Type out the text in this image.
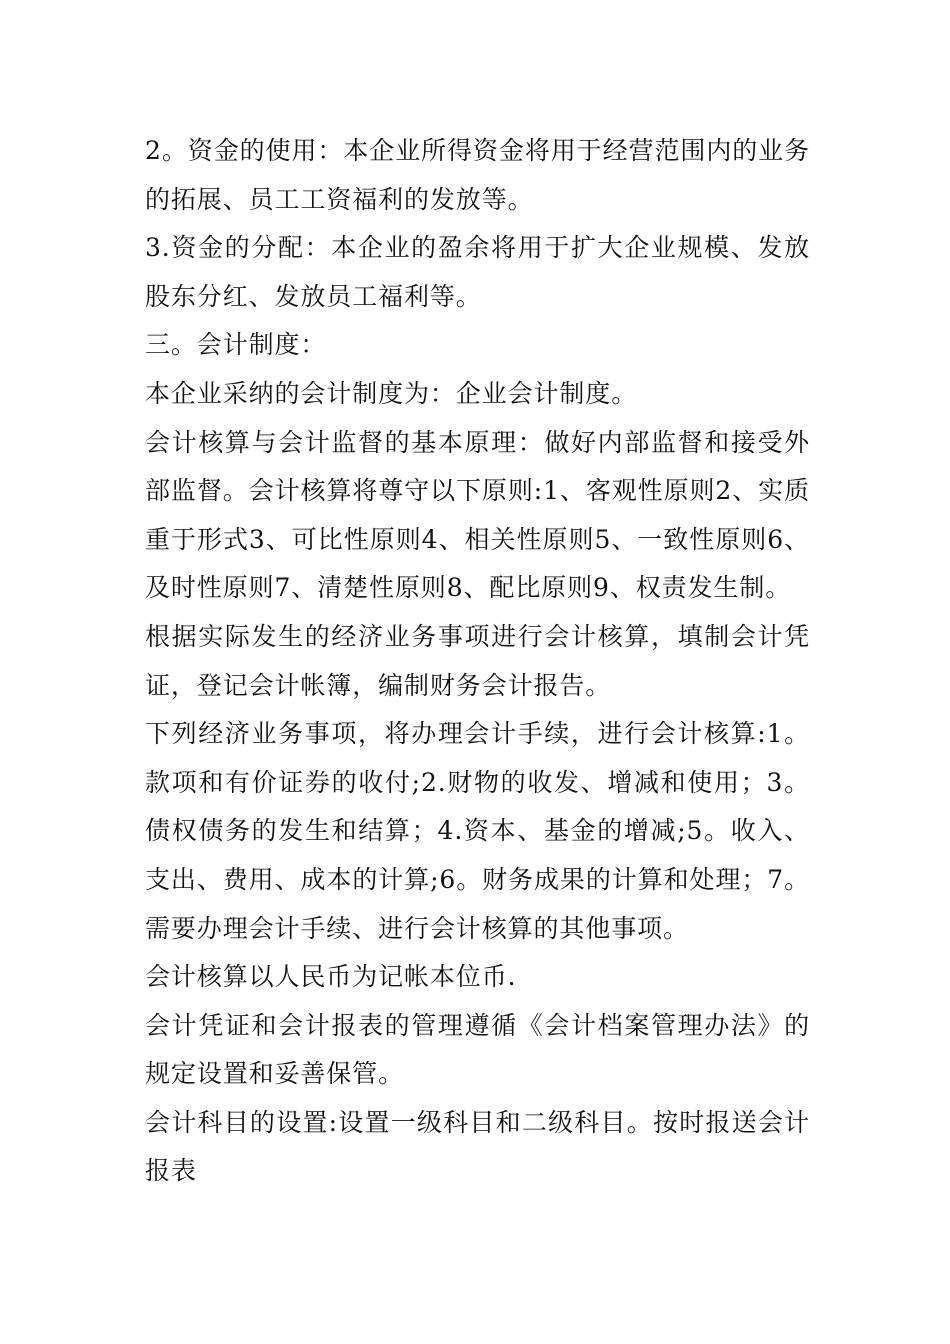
2。资金的使用：本企业所得资金将用于经营范围内的业务的拓展、员工工资福利的发放等。

3.资金的分配：本企业的盈余将用于扩大企业规模、发放股东分红、发放员工福利等。

三。会计制度：

本企业采纳的会计制度为：企业会计制度。

会计核算与会计监督的基本原理：做好内部监督和接受外部监督。会计核算将尊守以下原则:1、客观性原则2、实质重于形式3、可比性原则4、相关性原则5、一致性原则6、及时性原则7、清楚性原则8、配比原则9、权责发生制。

根据实际发生的经济业务事项进行会计核算，填制会计凭证，登记会计帐簿，编制财务会计报告。

下列经济业务事项，将办理会计手续，进行会计核算:1。款项和有价证券的收付;2.财物的收发、增减和使用；3。债权债务的发生和结算；4.资本、基金的增减;5。收入、支出、费用、成本的计算;6。财务成果的计算和处理；7。需要办理会计手续、进行会计核算的其他事项。

会计核算以人民币为记帐本位币.

会计凭证和会计报表的管理遵循《会计档案管理办法》的规定设置和妥善保管。

会计科目的设置:设置一级科目和二级科目。按时报送会计报表
